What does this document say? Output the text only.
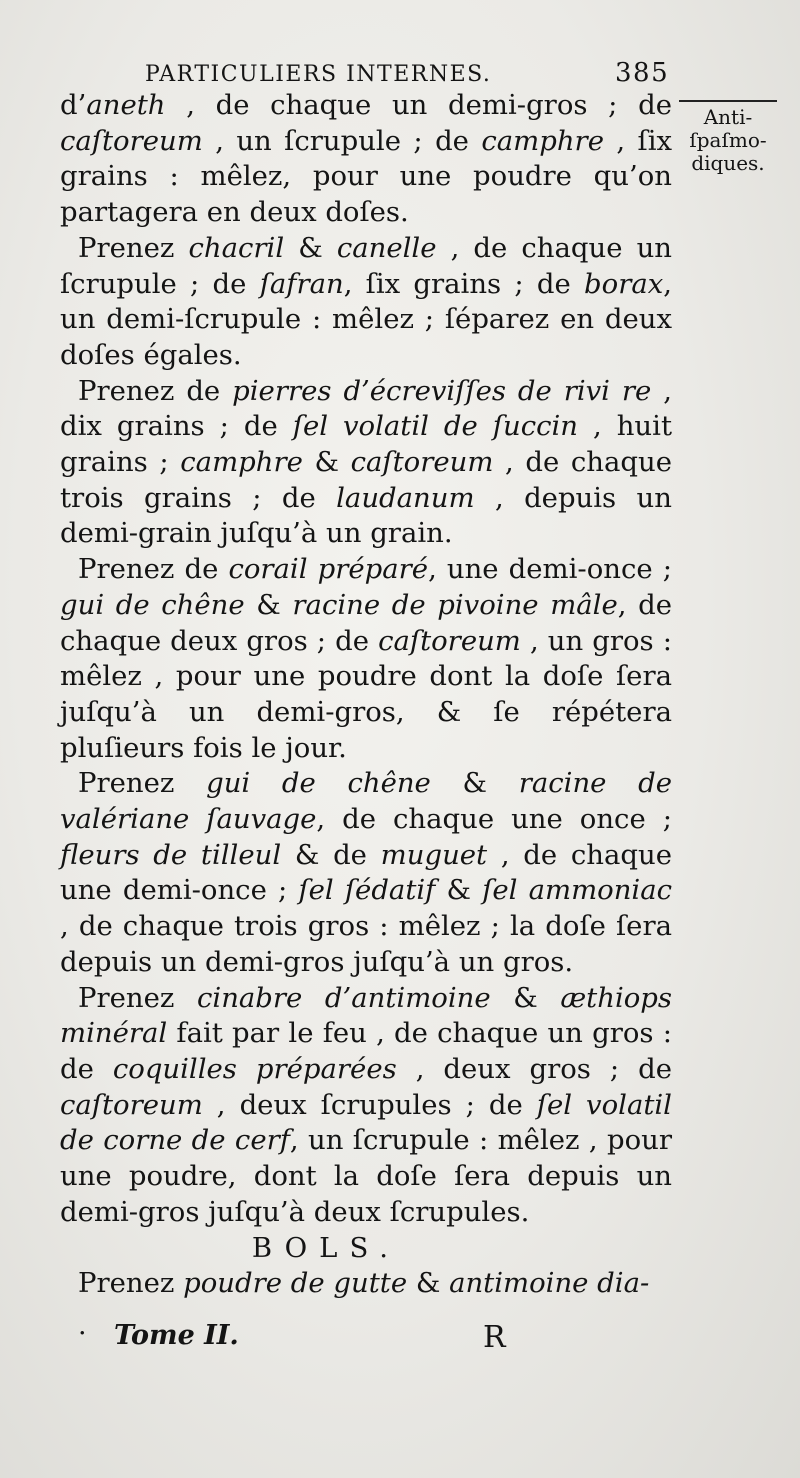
PARTICULIERS INTERNES.	385
Anti-
ſpaſmo-
diques.

d’aneth , de chaque un demi-gros ; de caſtoreum , un ſcrupule ; de camphre , ſix grains : mêlez, pour une poudre qu’on partagera en deux doſes.

Prenez chacril & canelle , de chaque un ſcrupule ; de ſafran, ſix grains ; de borax, un demi-ſcrupule : mêlez ; ſéparez en deux doſes égales.

Prenez de pierres d’écreviſſes de rivi re , dix grains ; de ſel volatil de ſuccin , huit grains ; camphre & caſtoreum , de chaque trois grains ; de laudanum , depuis un demi-grain juſqu’à un grain.

Prenez de corail préparé, une demi-once ; gui de chêne & racine de pivoine mâle, de chaque deux gros ; de caſtoreum , un gros : mêlez , pour une poudre dont la doſe ſera juſqu’à un demi-gros, & ſe répétera pluſieurs fois le jour.

Prenez gui de chêne & racine de valériane ſauvage, de chaque une once ; fleurs de tilleul & de muguet , de chaque une demi-once ; ſel ſédatif & ſel ammoniac , de chaque trois gros : mêlez ; la doſe ſera depuis un demi-gros juſqu’à un gros.

Prenez cinabre d’antimoine & æthiops minéral fait par le feu , de chaque un gros : de coquilles préparées , deux gros ; de caſtoreum , deux ſcrupules ; de ſel volatil de corne de cerf, un ſcrupule : mêlez , pour une poudre, dont la doſe ſera depuis un demi-gros juſqu’à deux ſcrupules.

BOLS.

Prenez poudre de gutte & antimoine dia-

· Tome II.	R
